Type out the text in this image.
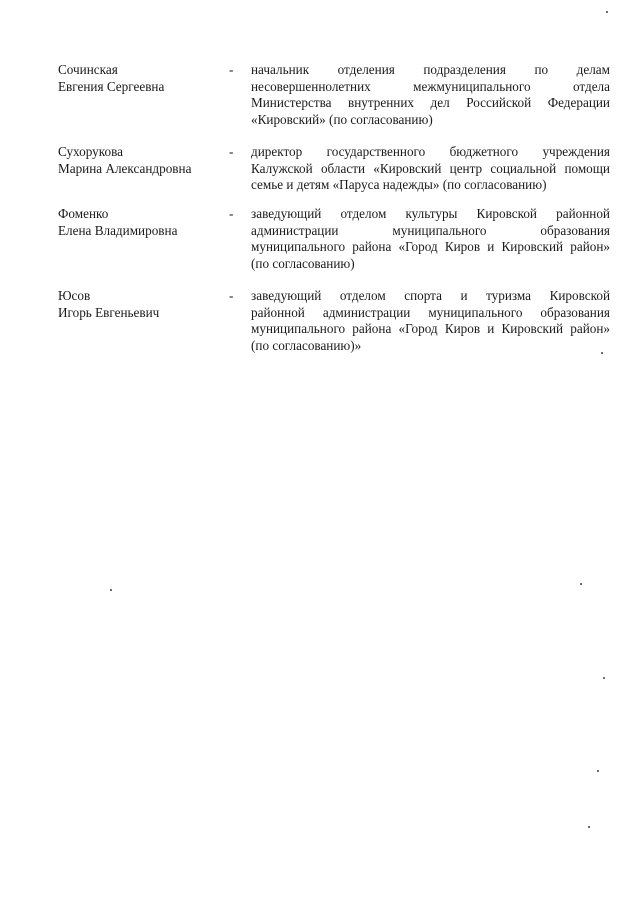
Сочинская
Евгения Сергеевна
- начальник отделения подразделения по делам
несовершеннолетних межмуниципального отдела
Министерства внутренних дел Российской Федерации
«Кировский» (по согласованию)
Сухорукова
Марина Александровна
- директор государственного бюджетного учреждения
Калужской области «Кировский центр социальной помощи
семье и детям «Паруса надежды» (по согласованию)
Фоменко
Елена Владимировна
- заведующий отделом культуры Кировской районной
администрации муниципального образования
муниципального района «Город Киров и Кировский район»
(по согласованию)
Юсов
Игорь Евгеньевич
- заведующий отделом спорта и туризма Кировской
районной администрации муниципального образования
муниципального района «Город Киров и Кировский район»
(по согласованию)»
